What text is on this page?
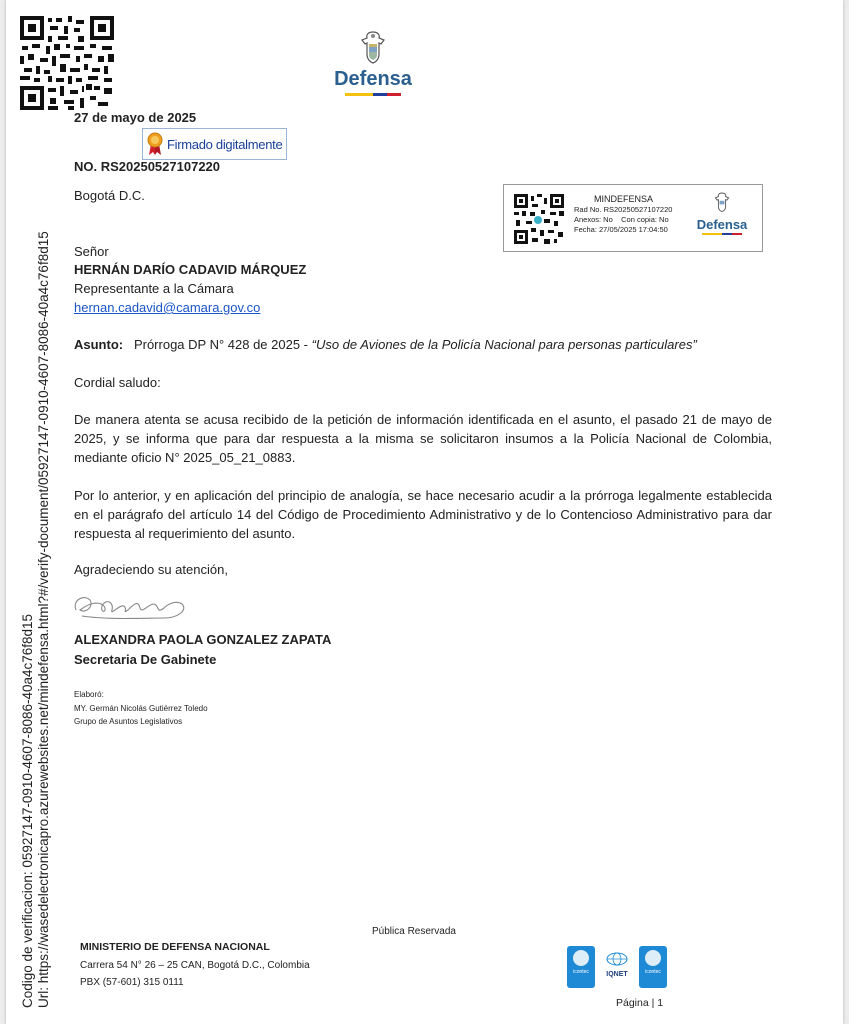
Defensa
27 de mayo de 2025
Firmado digitalmente
NO. RS20250527107220
Bogotá D.C.	MINDEFENSA
Rad No. RS20250527107220
Anexos: No    Con copia: No
Fecha: 27/05/2025 17:04:50 Defensa
Señor
HERNÁN DARÍO CADAVID MÁRQUEZ
Representante a la Cámara
hernan.cadavid@camara.gov.co
Asunto: Prórroga DP N° 428 de 2025 - “Uso de Aviones de la Policía Nacional para personas particulares”
Cordial saludo:
De manera atenta se acusa recibido de la petición de información identificada en el asunto, el pasado 21 de mayo de 2025, y se informa que para dar respuesta a la misma se solicitaron insumos a la Policía Nacional de Colombia, mediante oficio N° 2025_05_21_0883.
Por lo anterior, y en aplicación del principio de analogía, se hace necesario acudir a la prórroga legalmente establecida en el parágrafo del artículo 14 del Código de Procedimiento Administrativo y de lo Contencioso Administrativo para dar respuesta al requerimiento del asunto.
Agradeciendo su atención,
ALEXANDRA PAOLA GONZALEZ ZAPATA
Secretaria De Gabinete
Elaboró:
MY. Germán Nicolás Gutiérrez Toledo
Grupo de Asuntos Legislativos
Pública Reservada
MINISTERIO DE DEFENSA NACIONAL
Carrera 54 N° 26 – 25 CAN, Bogotá D.C., Colombia
PBX (57-601) 315 0111
icontec	IQNET	icontec
Página | 1
Codigo de verificacion: 05927147-0910-4607-8086-40a4c76f8d15 Url: https://wasedelectronicapro.azurewebsites.net/mindefensa.html?#/verify-document/05927147-0910-4607-8086-40a4c76f8d15
